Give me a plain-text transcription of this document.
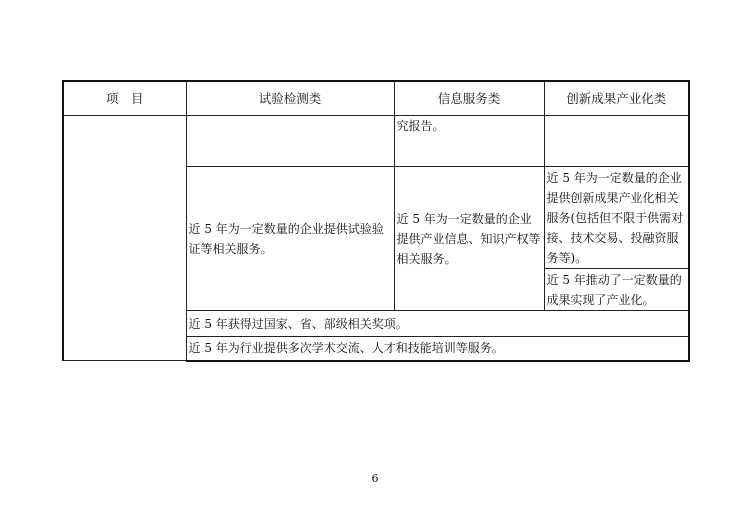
项　目	试验检测类	信息服务类	创新成果产业化类
		究报告。	
	近 5 年为一定数量的企业提供试验验证等相关服务。	近 5 年为一定数量的企业提供产业信息、知识产权等相关服务。	近 5 年为一定数量的企业提供创新成果产业化相关服务(包括但不限于供需对接、技术交易、投融资服务等)。
			近 5 年推动了一定数量的成果实现了产业化。
	近 5 年获得过国家、省、部级相关奖项。		
	近 5 年为行业提供多次学术交流、人才和技能培训等服务。		
6
